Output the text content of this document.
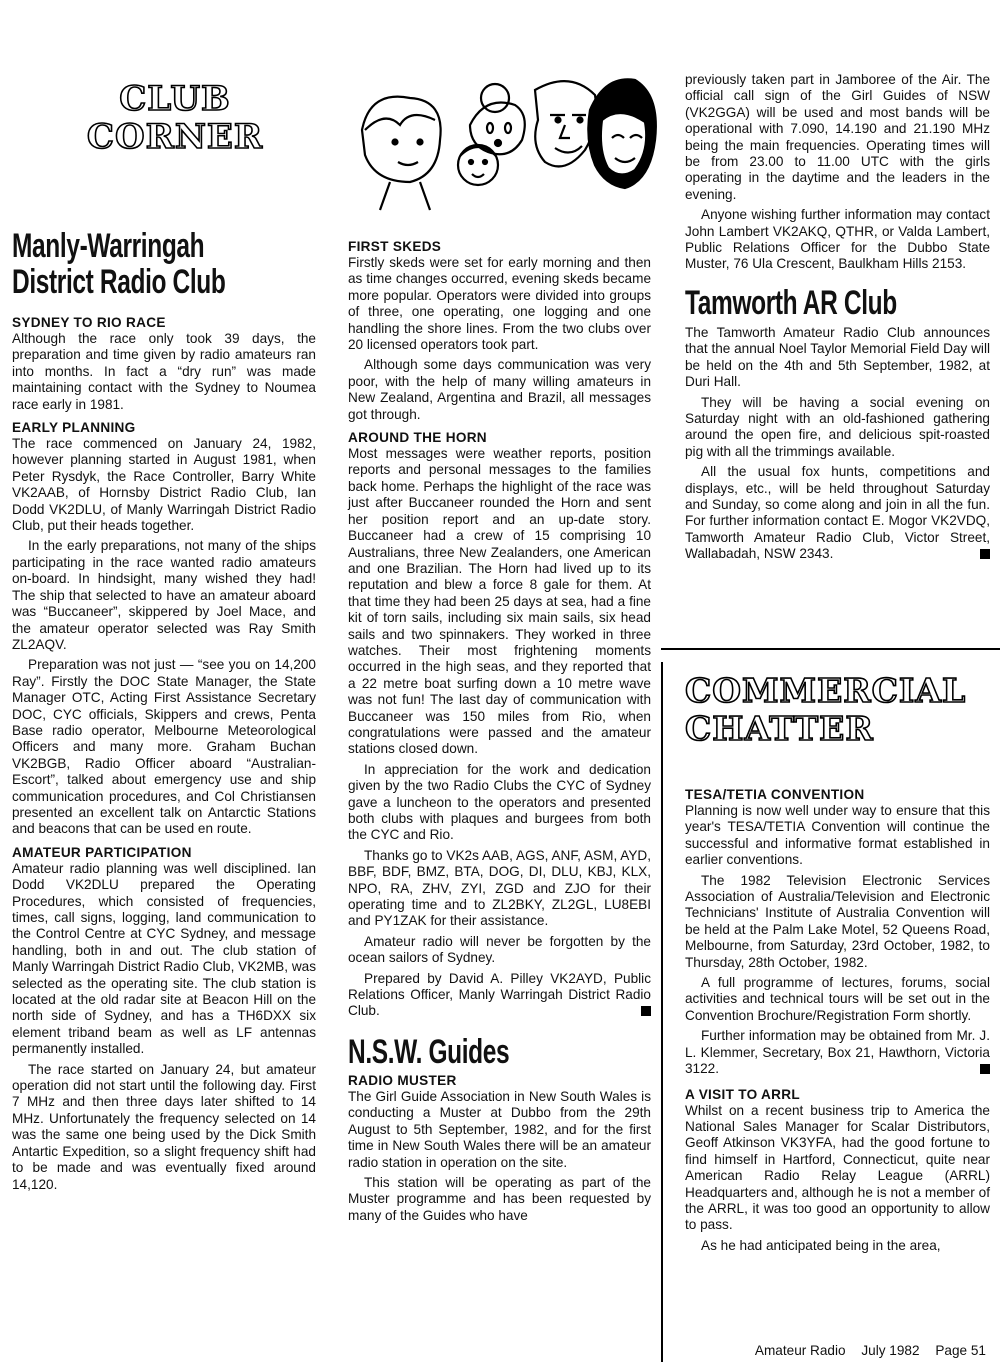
CLUB
CORNER
Manly-Warringah
District Radio Club
SYDNEY TO RIO RACE

Although the race only took 39 days, the preparation and time given by radio amateurs ran into months. In fact a “dry run” was made maintaining contact with the Sydney to Noumea race early in 1981.

EARLY PLANNING

The race commenced on January 24, 1982, however planning started in August 1981, when Peter Rysdyk, the Race Controller, Barry White VK2AAB, of Hornsby District Radio Club, Ian Dodd VK2DLU, of Manly Warringah District Radio Club, put their heads together.

In the early preparations, not many of the ships participating in the race wanted radio amateurs on-board. In hindsight, many wished they had! The ship that selected to have an amateur aboard was “Buccaneer”, skippered by Joel Mace, and the amateur operator selected was Ray Smith ZL2AQV.

Preparation was not just — “see you on 14,200 Ray”. Firstly the DOC State Manager, the State Manager OTC, Acting First Assistance Secretary DOC, CYC officials, Skippers and crews, Penta Base radio operator, Melbourne Meteorological Officers and many more. Graham Buchan VK2BGB, Radio Officer aboard “Australian-Escort”, talked about emergency use and ship communication procedures, and Col Christiansen presented an excellent talk on Antarctic Stations and beacons that can be used en route.

AMATEUR PARTICIPATION

Amateur radio planning was well disciplined. Ian Dodd VK2DLU prepared the Operating Procedures, which consisted of frequencies, times, call signs, logging, land communication to the Control Centre at CYC Sydney, and message handling, both in and out. The club station of Manly Warringah District Radio Club, VK2MB, was selected as the operating site. The club station is located at the old radar site at Beacon Hill on the north side of Sydney, and has a TH6DXX six element triband beam as well as LF antennas permanently installed.

The race started on January 24, but amateur operation did not start until the following day. First 7 MHz and then three days later shifted to 14 MHz. Unfortunately the frequency selected on 14 was the same one being used by the Dick Smith Antartic Expedition, so a slight frequency shift had to be made and was eventually fixed around 14,120.

FIRST SKEDS

Firstly skeds were set for early morning and then as time changes occurred, evening skeds became more popular. Operators were divided into groups of three, one operating, one logging and one handling the shore lines. From the two clubs over 20 licensed operators took part.

Although some days communication was very poor, with the help of many willing amateurs in New Zealand, Argentina and Brazil, all messages got through.

AROUND THE HORN

Most messages were weather reports, position reports and personal messages to the families back home. Perhaps the highlight of the race was just after Buccaneer rounded the Horn and sent her position report and an up-date story. Buccaneer had a crew of 15 comprising 10 Australians, three New Zealanders, one American and one Brazilian. The Horn had lived up to its reputation and blew a force 8 gale for them. At that time they had been 25 days at sea, had a fine kit of torn sails, including six main sails, six head sails and two spinnakers. They worked in three watches. Their most frightening moments occurred in the high seas, and they reported that a 22 metre boat surfing down a 10 metre wave was not fun! The last day of communication with Buccaneer was 150 miles from Rio, when congratulations were passed and the amateur stations closed down.

In appreciation for the work and dedication given by the two Radio Clubs the CYC of Sydney gave a luncheon to the operators and presented both clubs with plaques and burgees from both the CYC and Rio.

Thanks go to VK2s AAB, AGS, ANF, ASM, AYD, BBF, BDF, BMZ, BTA, DOG, DI, DLU, KBJ, KLX, NPO, RA, ZHV, ZYI, ZGD and ZJO for their operating time and to ZL2BKY, ZL2GL, LU8EBI and PY1ZAK for their assistance.

Amateur radio will never be forgotten by the ocean sailors of Sydney.

Prepared by David A. Pilley VK2AYD, Public Relations Officer, Manly Warringah District Radio Club.

N.S.W. Guides
RADIO MUSTER

The Girl Guide Association in New South Wales is conducting a Muster at Dubbo from the 29th August to 5th September, 1982, and for the first time in New South Wales there will be an amateur radio station in operation on the site.

This station will be operating as part of the Muster programme and has been requested by many of the Guides who have

previously taken part in Jamboree of the Air. The official call sign of the Girl Guides of NSW (VK2GGA) will be used and most bands will be operational with 7.090, 14.190 and 21.190 MHz being the main frequencies. Operating times will be from 23.00 to 11.00 UTC with the girls operating in the daytime and the leaders in the evening.

Anyone wishing further information may contact John Lambert VK2AKQ, QTHR, or Valda Lambert, Public Relations Officer for the Dubbo State Muster, 76 Ula Crescent, Baulkham Hills 2153.

Tamworth AR Club

The Tamworth Amateur Radio Club announces that the annual Noel Taylor Memorial Field Day will be held on the 4th and 5th September, 1982, at Duri Hall.

They will be having a social evening on Saturday night with an old-fashioned gathering around the open fire, and delicious spit-roasted pig with all the trimmings available.

All the usual fox hunts, competitions and displays, etc., will be held throughout Saturday and Sunday, so come along and join in all the fun. For further information contact E. Mogor VK2VDQ, Tamworth Amateur Radio Club, Victor Street, Wallabadah, NSW 2343.

COMMERCIAL
CHATTER
TESA/TETIA CONVENTION

Planning is now well under way to ensure that this year's TESA/TETIA Convention will continue the successful and informative format established in earlier conventions.

The 1982 Television Electronic Services Association of Australia/Television and Electronic Technicians' Institute of Australia Convention will be held at the Palm Lake Motel, 52 Queens Road, Melbourne, from Saturday, 23rd October, 1982, to Thursday, 28th October, 1982.

A full programme of lectures, forums, social activities and technical tours will be set out in the Convention Brochure/Registration Form shortly.

Further information may be obtained from Mr. J. L. Klemmer, Secretary, Box 21, Hawthorn, Victoria 3122.

A VISIT TO ARRL

Whilst on a recent business trip to America the National Sales Manager for Scalar Distributors, Geoff Atkinson VK3YFA, had the good fortune to find himself in Hartford, Connecticut, quite near American Radio Relay League (ARRL) Headquarters and, although he is not a member of the ARRL, it was too good an opportunity to allow to pass.

As he had anticipated being in the area,

Amateur Radio July 1982 Page 51
